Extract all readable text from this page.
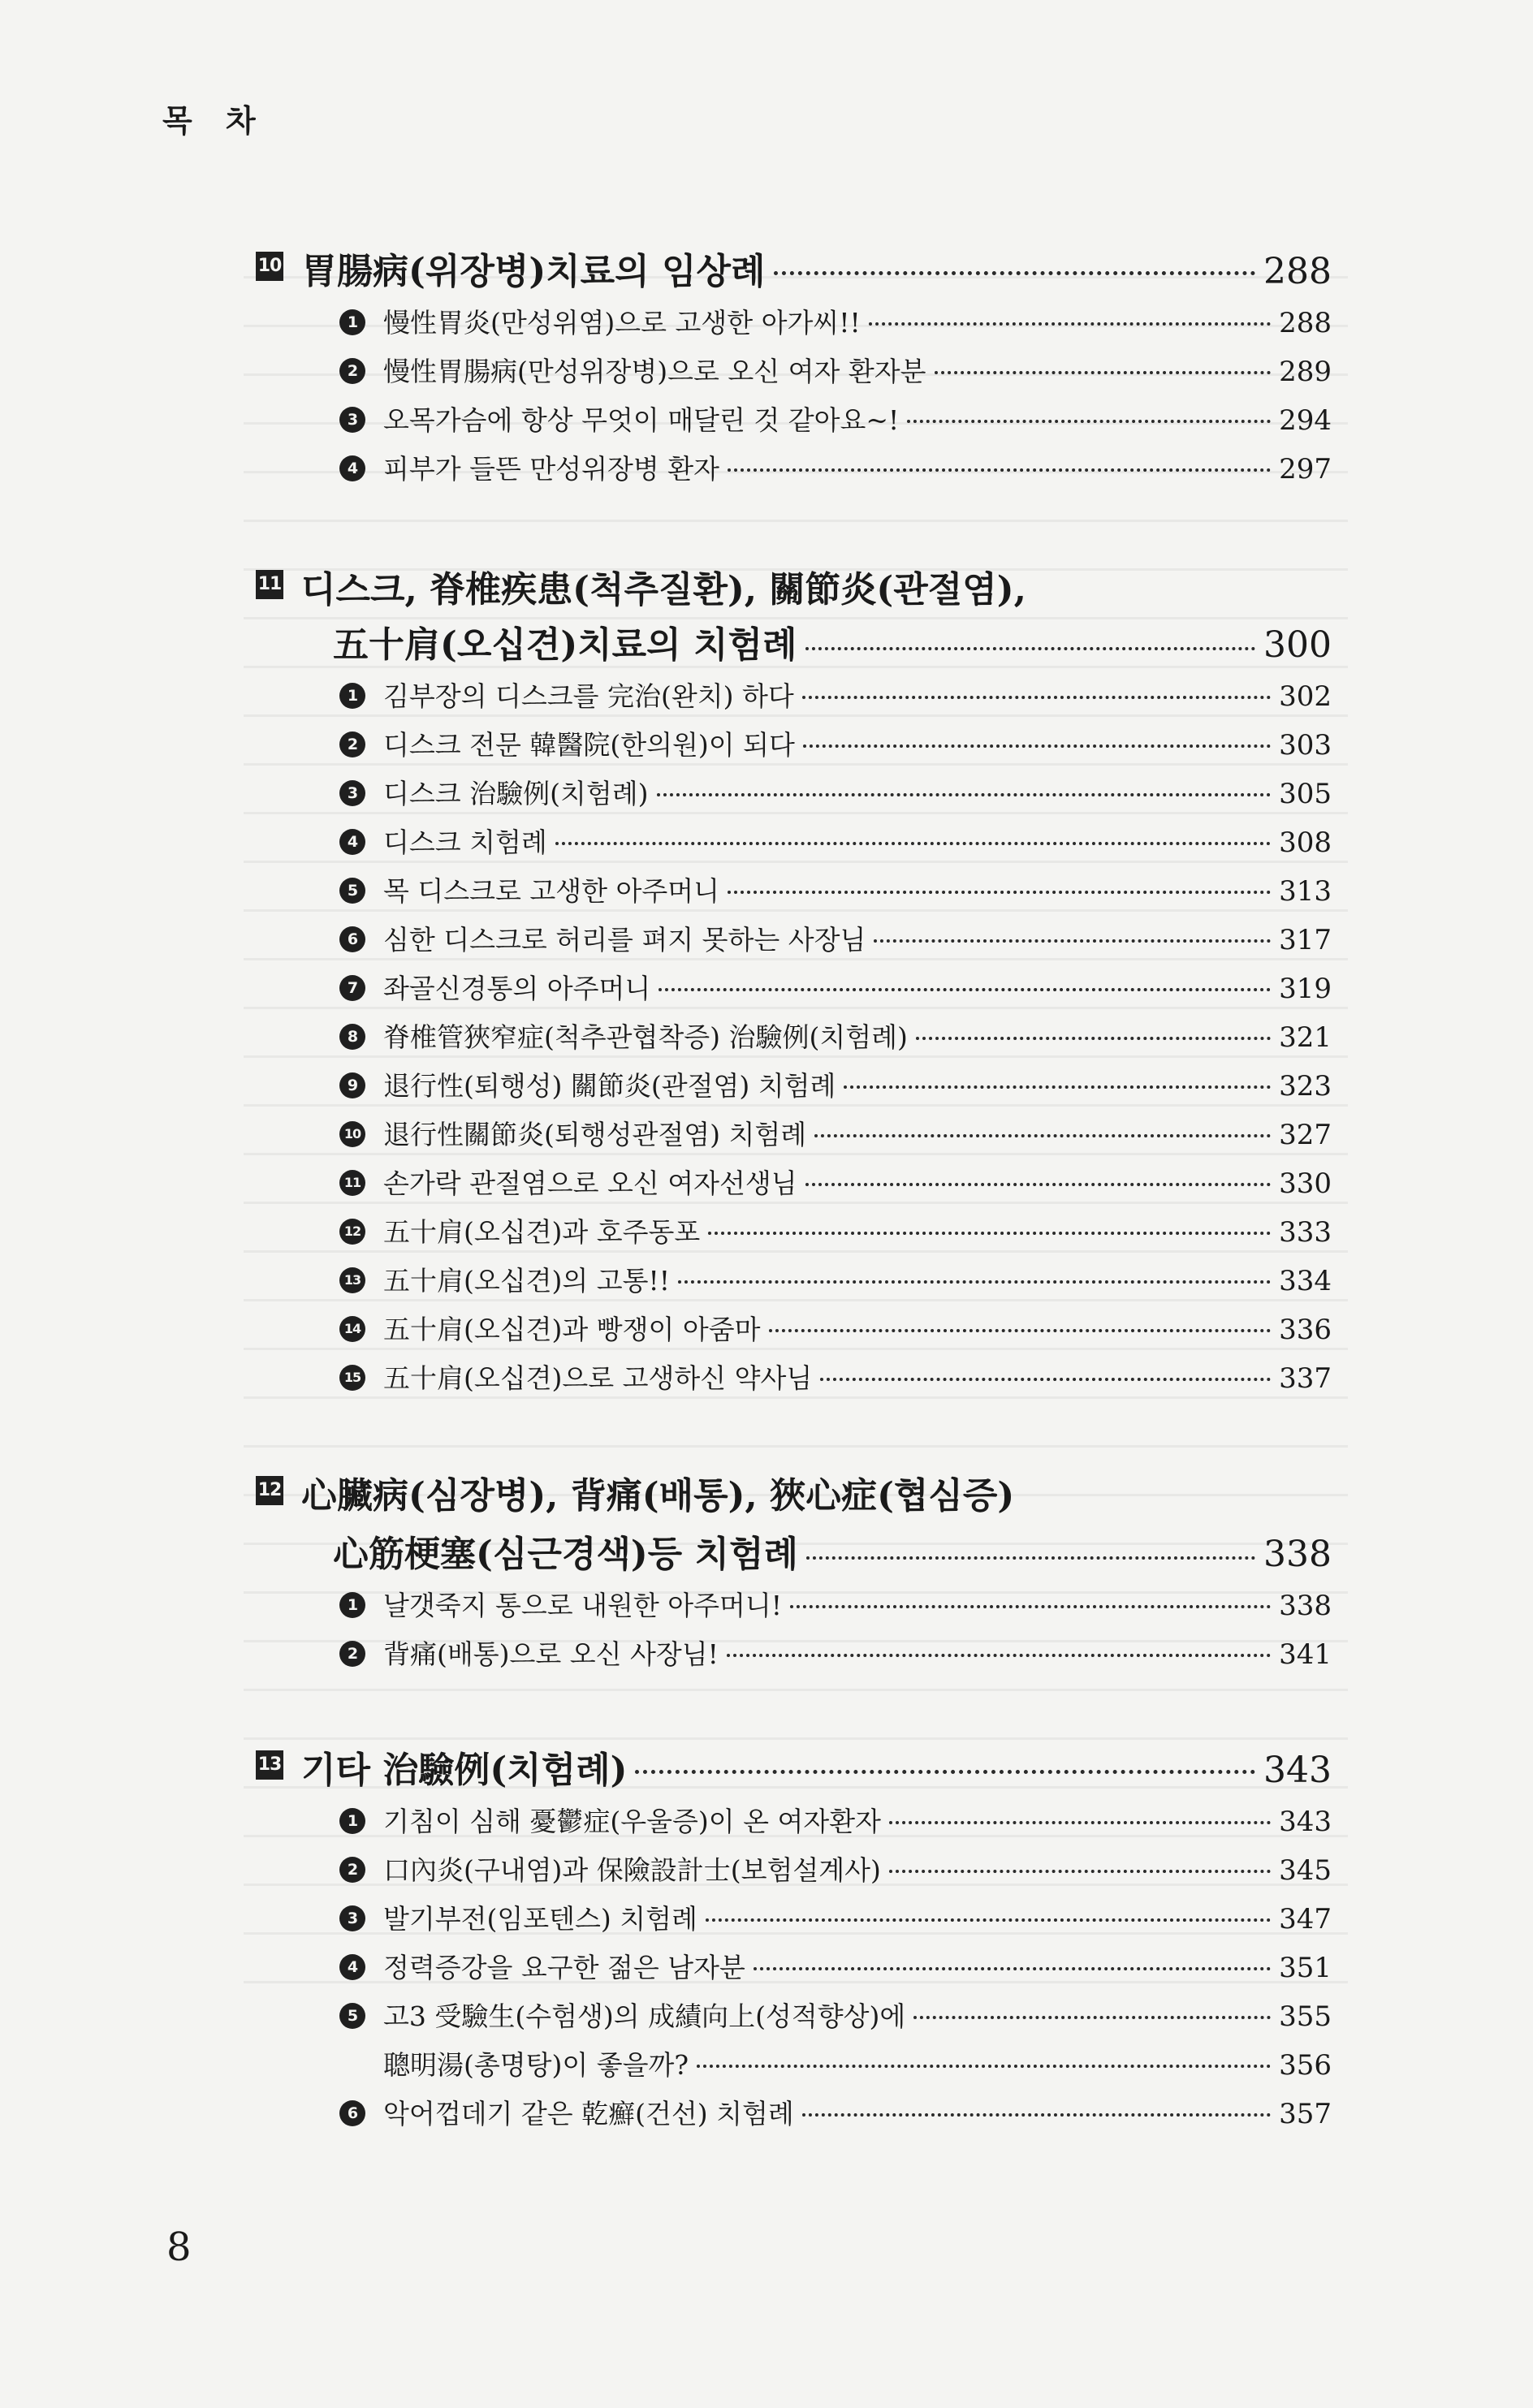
목 차
10 胃腸病(위장병)치료의 임상례	288
1 慢性胃炎(만성위염)으로 고생한 아가씨!!	288
2 慢性胃腸病(만성위장병)으로 오신 여자 환자분	289
3 오목가슴에 항상 무엇이 매달린 것 같아요~!	294
4 피부가 들뜬 만성위장병 환자	297
11 디스크, 脊椎疾患(척추질환), 關節炎(관절염),
五十肩(오십견)치료의 치험례	300
1 김부장의 디스크를 完治(완치) 하다	302
2 디스크 전문 韓醫院(한의원)이 되다	303
3 디스크 治驗例(치험례)	305
4 디스크 치험례	308
5 목 디스크로 고생한 아주머니	313
6 심한 디스크로 허리를 펴지 못하는 사장님	317
7 좌골신경통의 아주머니	319
8 脊椎管狹窄症(척추관협착증) 治驗例(치험례)	321
9 退行性(퇴행성) 關節炎(관절염) 치험례	323
10 退行性關節炎(퇴행성관절염) 치험례	327
11 손가락 관절염으로 오신 여자선생님	330
12 五十肩(오십견)과 호주동포	333
13 五十肩(오십견)의 고통!!	334
14 五十肩(오십견)과 빵쟁이 아줌마	336
15 五十肩(오십견)으로 고생하신 약사님	337
12 心臟病(심장병), 背痛(배통), 狹心症(협심증)
心筋梗塞(심근경색)등 치험례	338
1 날갯죽지 통으로 내원한 아주머니!	338
2 背痛(배통)으로 오신 사장님!	341
13 기타 治驗例(치험례)	343
1 기침이 심해 憂鬱症(우울증)이 온 여자환자	343
2 口內炎(구내염)과 保險設計士(보험설계사)	345
3 발기부전(임포텐스) 치험례	347
4 정력증강을 요구한 젊은 남자분	351
5 고3 受驗生(수험생)의 成績向上(성적향상)에	355
聰明湯(총명탕)이 좋을까?	356
6 악어껍데기 같은 乾癬(건선) 치험례	357
8
